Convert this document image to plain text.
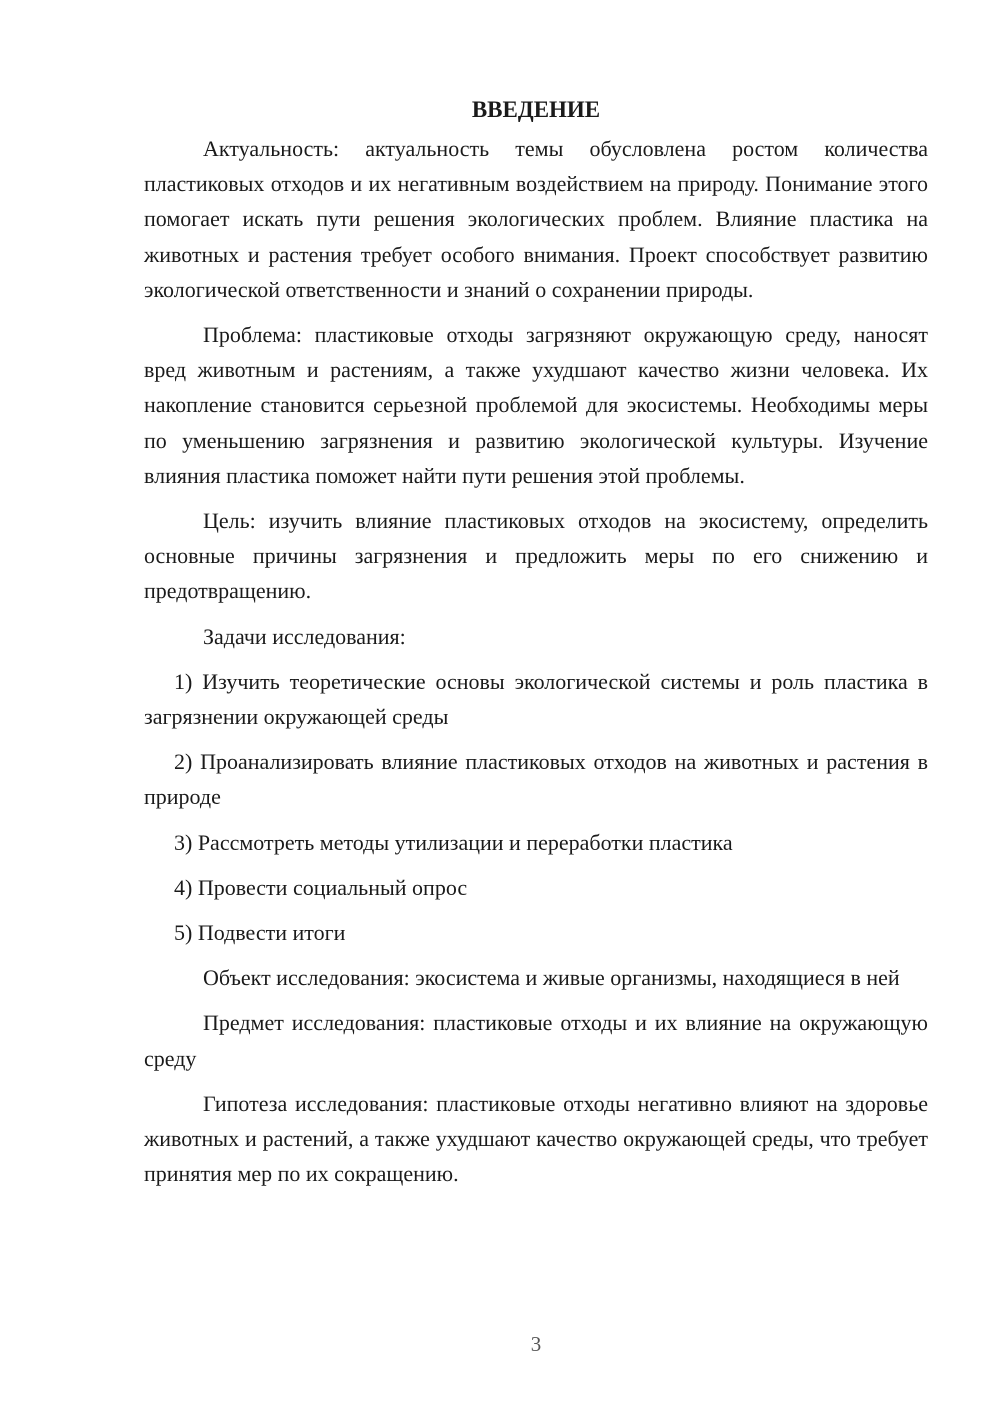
ВВЕДЕНИЕ

Актуальность: актуальность темы обусловлена ростом количества пластиковых отходов и их негативным воздействием на природу. Понимание этого помогает искать пути решения экологических проблем. Влияние пластика на животных и растения требует особого внимания. Проект способствует развитию экологической ответственности и знаний о сохранении природы.

Проблема: пластиковые отходы загрязняют окружающую среду, наносят вред животным и растениям, а также ухудшают качество жизни человека. Их накопление становится серьезной проблемой для экосистемы. Необходимы меры по уменьшению загрязнения и развитию экологической культуры. Изучение влияния пластика поможет найти пути решения этой проблемы.

Цель: изучить влияние пластиковых отходов на экосистему, определить основные причины загрязнения и предложить меры по его снижению и предотвращению.

Задачи исследования:

1) Изучить теоретические основы экологической системы и роль пластика в загрязнении окружающей среды

2) Проанализировать влияние пластиковых отходов на животных и растения в природе

3) Рассмотреть методы утилизации и переработки пластика

4) Провести социальный опрос

5) Подвести итоги

Объект исследования: экосистема и живые организмы, находящиеся в ней

Предмет исследования: пластиковые отходы и их влияние на окружающую среду

Гипотеза исследования: пластиковые отходы негативно влияют на здоровье животных и растений, а также ухудшают качество окружающей среды, что требует принятия мер по их сокращению.

3
